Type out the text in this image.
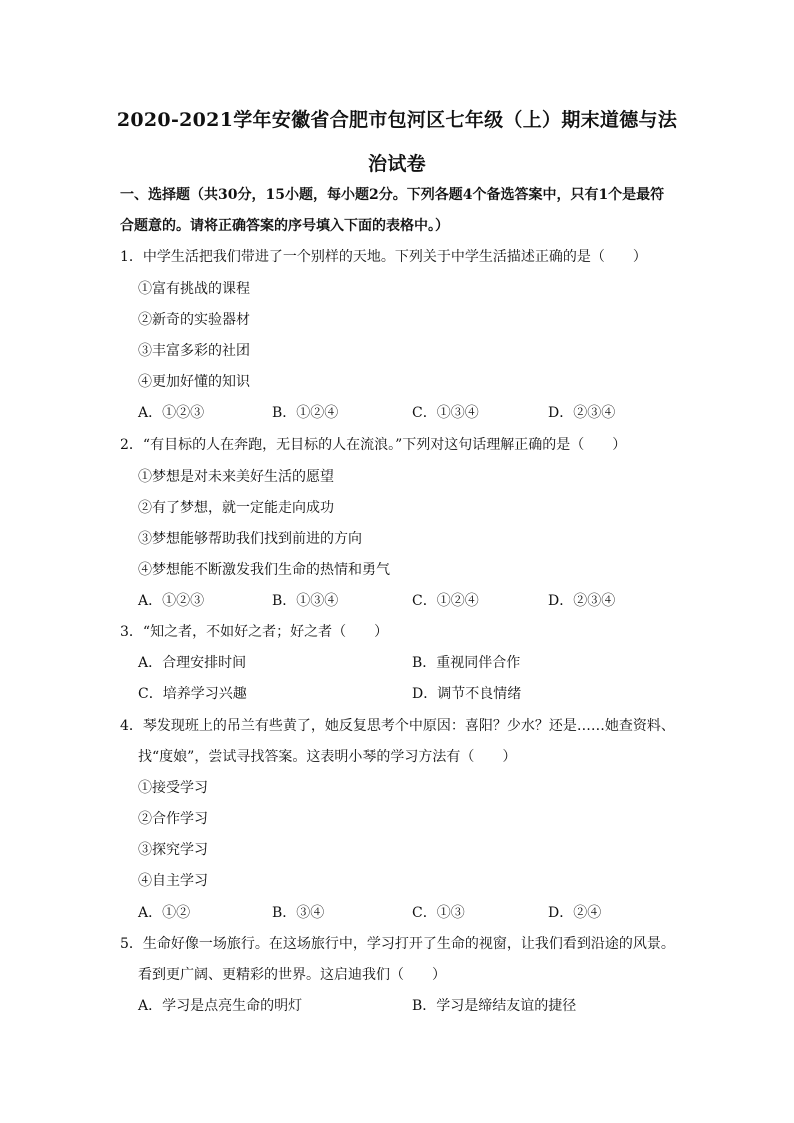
2020-2021学年安徽省合肥市包河区七年级（上）期末道德与法
治试卷
一、选择题（共30分，15小题，每小题2分。下列各题4个备选答案中，只有1个是最符
合题意的。请将正确答案的序号填入下面的表格中。）
1．中学生活把我们带进了一个别样的天地。下列关于中学生活描述正确的是（　　）
①富有挑战的课程
②新奇的实验器材
③丰富多彩的社团
④更加好懂的知识
A．①②③	B．①②④	C．①③④	D．②③④
2．“有目标的人在奔跑，无目标的人在流浪。”下列对这句话理解正确的是（　　）
①梦想是对未来美好生活的愿望
②有了梦想，就一定能走向成功
③梦想能够帮助我们找到前进的方向
④梦想能不断激发我们生命的热情和勇气
A．①②③	B．①③④	C．①②④	D．②③④
3．“知之者，不如好之者；好之者（　　）
A．合理安排时间	B．重视同伴合作
C．培养学习兴趣	D．调节不良情绪
4．琴发现班上的吊兰有些黄了，她反复思考个中原因：喜阳？少水？还是……她查资料、
找“度娘”，尝试寻找答案。这表明小琴的学习方法有（　　）
①接受学习
②合作学习
③探究学习
④自主学习
A．①②	B．③④	C．①③	D．②④
5．生命好像一场旅行。在这场旅行中，学习打开了生命的视窗，让我们看到沿途的风景。
看到更广阔、更精彩的世界。这启迪我们（　　）
A．学习是点亮生命的明灯	B．学习是缔结友谊的捷径
